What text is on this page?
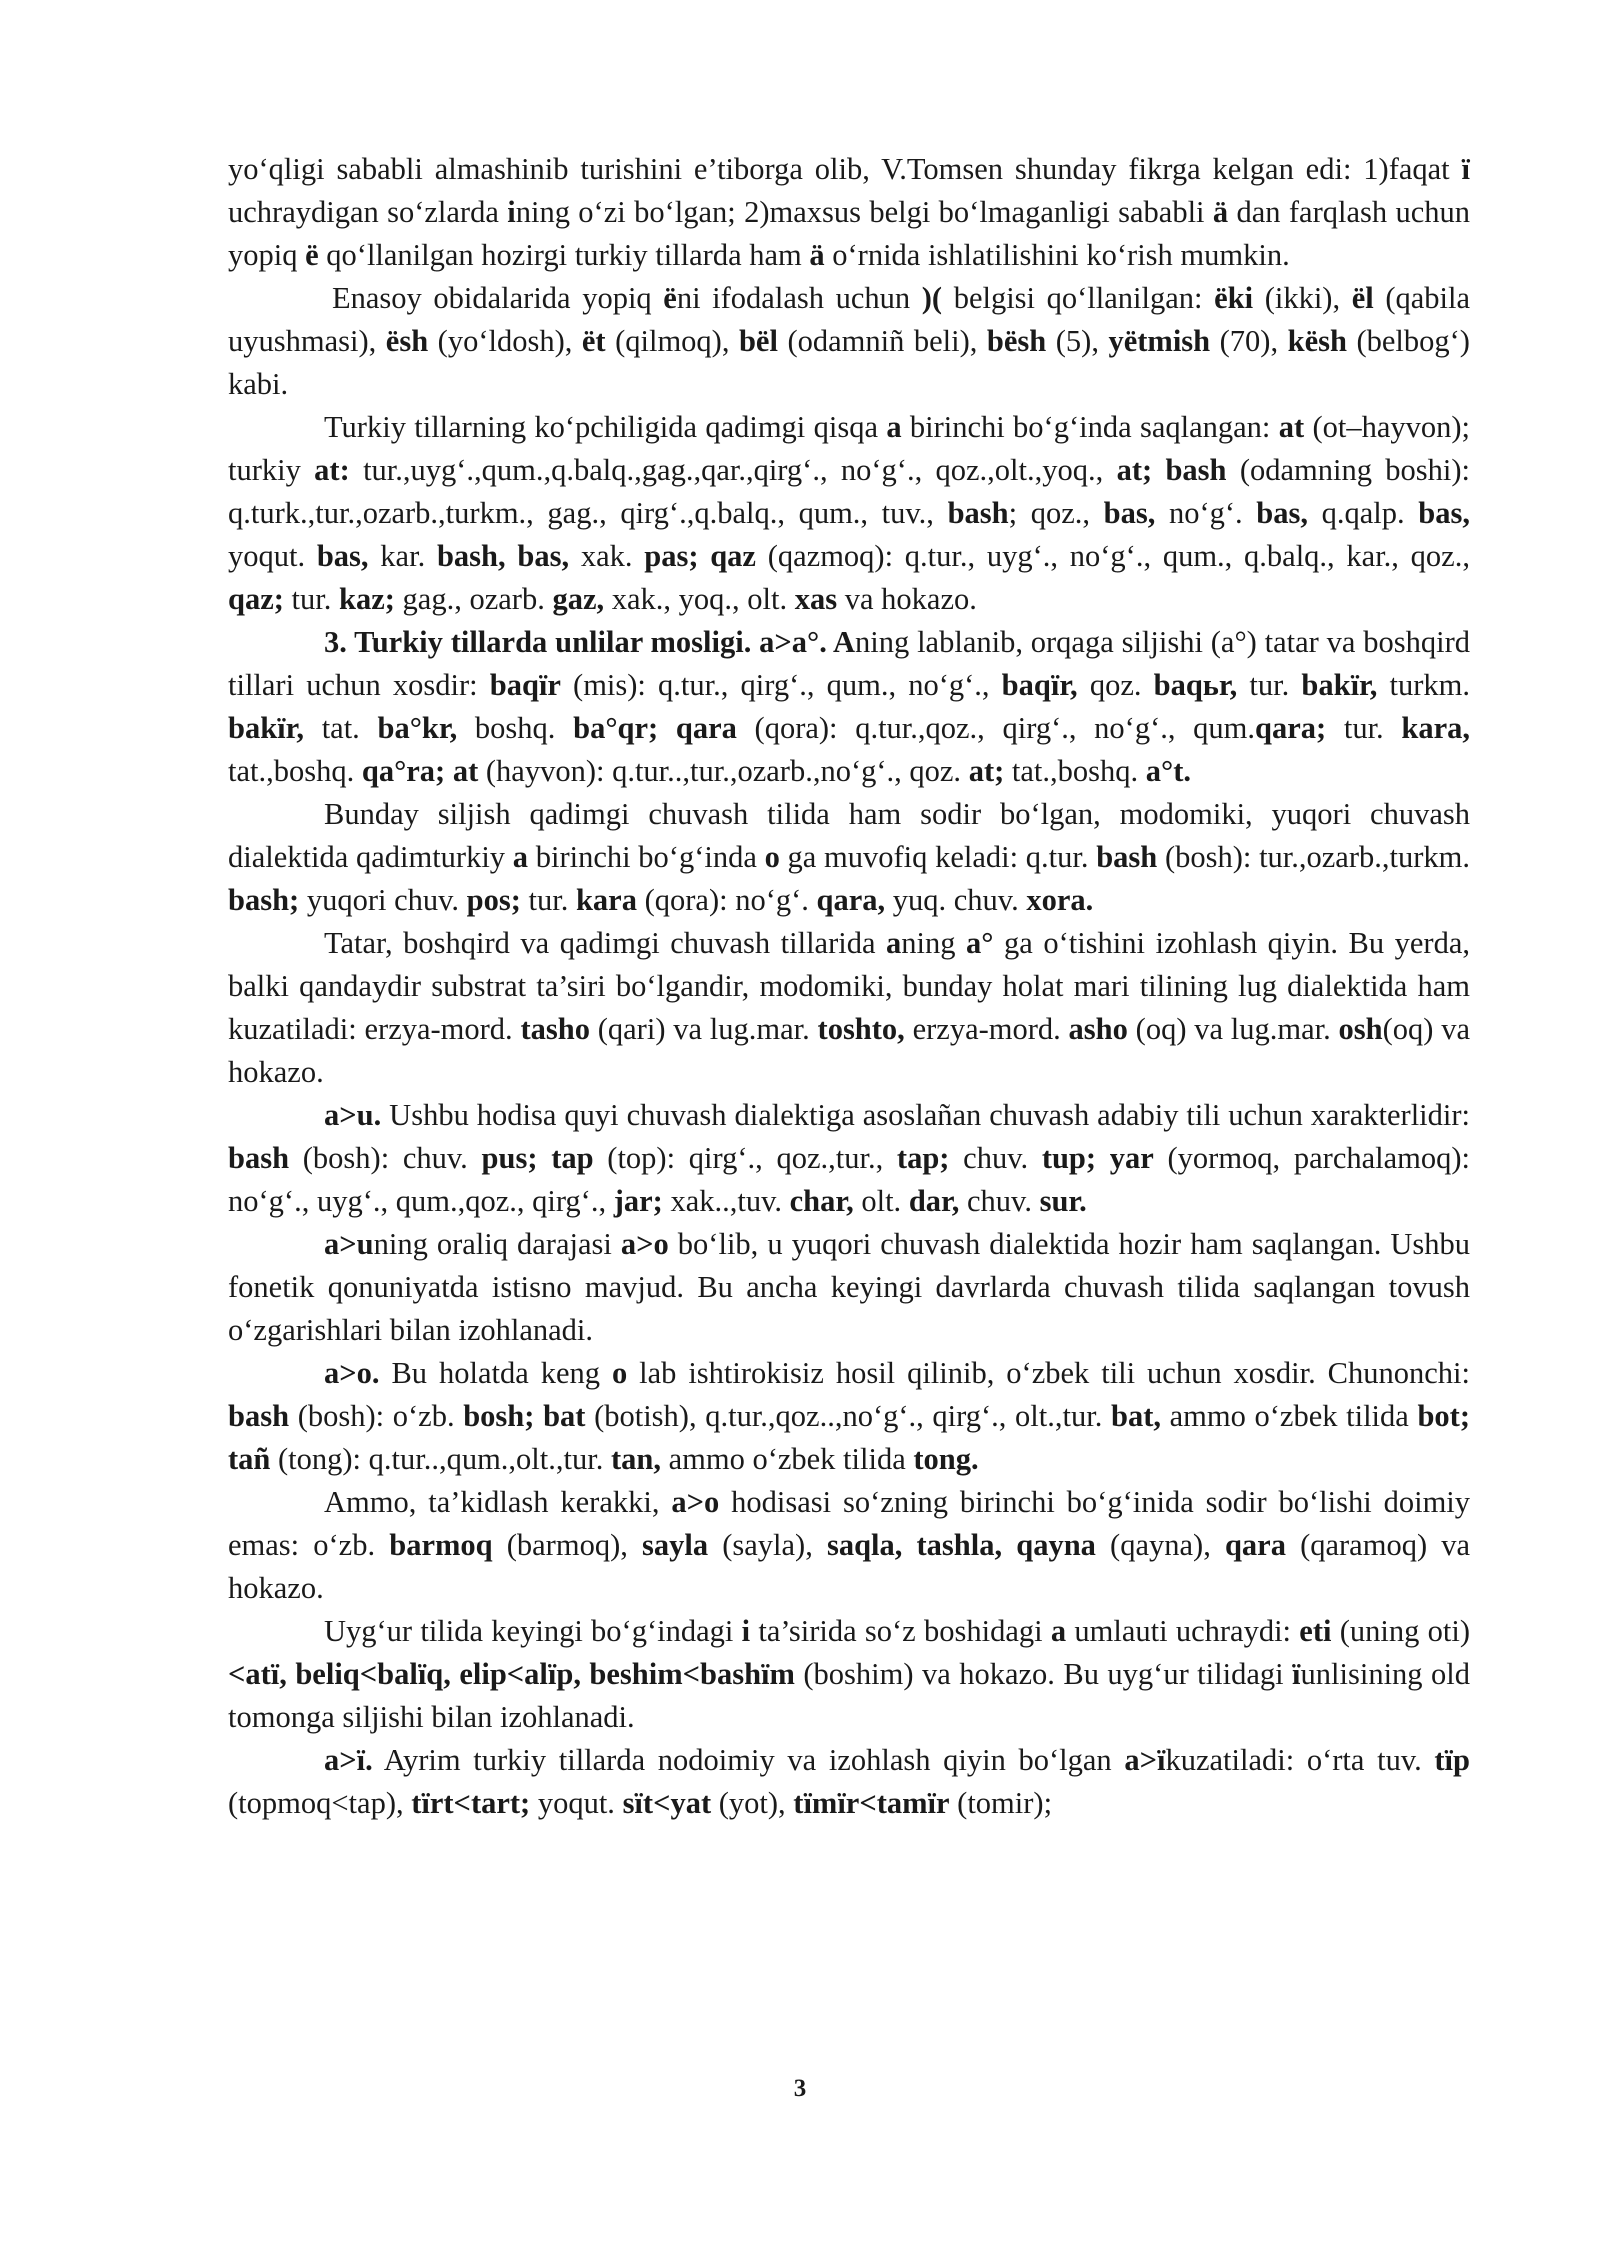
yo‘qligi sababli almashinib turishini e’tiborga olib, V.Tomsen shunday fikrga kelgan edi: 1)faqat ï uchraydigan so‘zlarda ining o‘zi bo‘lgan; 2)maxsus belgi bo‘lmaganligi sababli ä dan farqlash uchun yopiq ë qo‘llanilgan hozirgi turkiy tillarda ham ä o‘rnida ishlatilishini ko‘rish mumkin.

Enasoy obidalarida yopiq ëni ifodalash uchun )( belgisi qo‘llanilgan: ëki (ikki), ël (qabila uyushmasi), ësh (yo‘ldosh), ët (qilmoq), bël (odamniñ beli), bësh (5), yëtmish (70), kësh (belbog‘) kabi.

Turkiy tillarning ko‘pchiligida qadimgi qisqa a birinchi bo‘g‘inda saqlangan: at (ot–hayvon); turkiy at: tur.,uyg‘.,qum.,q.balq.,gag.,qar.,qirg‘., no‘g‘., qoz.,olt.,yoq., at; bash (odamning boshi): q.turk.,tur.,ozarb.,turkm., gag., qirg‘.,q.balq., qum., tuv., bash; qoz., bas, no‘g‘. bas, q.qalp. bas, yoqut. bas, kar. bash, bas, xak. pas; qaz (qazmoq): q.tur., uyg‘., no‘g‘., qum., q.balq., kar., qoz., qaz; tur. kaz; gag., ozarb. gaz, xak., yoq., olt. xas va hokazo.

3. Turkiy tillarda unlilar mosligi. a>a°. Aning lablanib, orqaga siljishi (a°) tatar va boshqird tillari uchun xosdir: baqïr (mis): q.tur., qirg‘., qum., no‘g‘., baqïr, qoz. baqьr, tur. bakïr, turkm. bakïr, tat. ba°kr, boshq. ba°qr; qara (qora): q.tur.,qoz., qirg‘., no‘g‘., qum.qara; tur. kara, tat.,boshq. qa°ra; at (hayvon): q.tur..,tur.,ozarb.,no‘g‘., qoz. at; tat.,boshq. a°t.

Bunday siljish qadimgi chuvash tilida ham sodir bo‘lgan, modomiki, yuqori chuvash dialektida qadimturkiy a birinchi bo‘g‘inda o ga muvofiq keladi: q.tur. bash (bosh): tur.,ozarb.,turkm. bash; yuqori chuv. pos; tur. kara (qora): no‘g‘. qara, yuq. chuv. xora.

Tatar, boshqird va qadimgi chuvash tillarida aning a° ga o‘tishini izohlash qiyin. Bu yerda, balki qandaydir substrat ta’siri bo‘lgandir, modomiki, bunday holat mari tilining lug dialektida ham kuzatiladi: erzya-mord. tasho (qari) va lug.mar. toshto, erzya-mord. asho (oq) va lug.mar. osh(oq) va hokazo.

a>u. Ushbu hodisa quyi chuvash dialektiga asoslañan chuvash adabiy tili uchun xarakterlidir: bash (bosh): chuv. pus; tap (top): qirg‘., qoz.,tur., tap; chuv. tup; yar (yormoq, parchalamoq): no‘g‘., uyg‘., qum.,qoz., qirg‘., jar; xak..,tuv. char, olt. dar, chuv. sur.

a>uning oraliq darajasi a>o bo‘lib, u yuqori chuvash dialektida hozir ham saqlangan. Ushbu fonetik qonuniyatda istisno mavjud. Bu ancha keyingi davrlarda chuvash tilida saqlangan tovush o‘zgarishlari bilan izohlanadi.

a>o. Bu holatda keng o lab ishtirokisiz hosil qilinib, o‘zbek tili uchun xosdir. Chunonchi: bash (bosh): o‘zb. bosh; bat (botish), q.tur.,qoz..,no‘g‘., qirg‘., olt.,tur. bat, ammo o‘zbek tilida bot; tañ (tong): q.tur..,qum.,olt.,tur. tan, ammo o‘zbek tilida tong.

Ammo, ta’kidlash kerakki, a>o hodisasi so‘zning birinchi bo‘g‘inida sodir bo‘lishi doimiy emas: o‘zb. barmoq (barmoq), sayla (sayla), saqla, tashla, qayna (qayna), qara (qaramoq) va hokazo.

Uyg‘ur tilida keyingi bo‘g‘indagi i ta’sirida so‘z boshidagi a umlauti uchraydi: eti (uning oti)<atï, beliq<balïq, elip<alïp, beshim<bashïm (boshim) va hokazo. Bu uyg‘ur tilidagi ïunlisining old tomonga siljishi bilan izohlanadi.

a>ï. Ayrim turkiy tillarda nodoimiy va izohlash qiyin bo‘lgan a>ïkuzatiladi: o‘rta tuv. tïp (topmoq<tap), tïrt<tart; yoqut. sït<yat (yot), tïmïr<tamïr (tomir);

3
